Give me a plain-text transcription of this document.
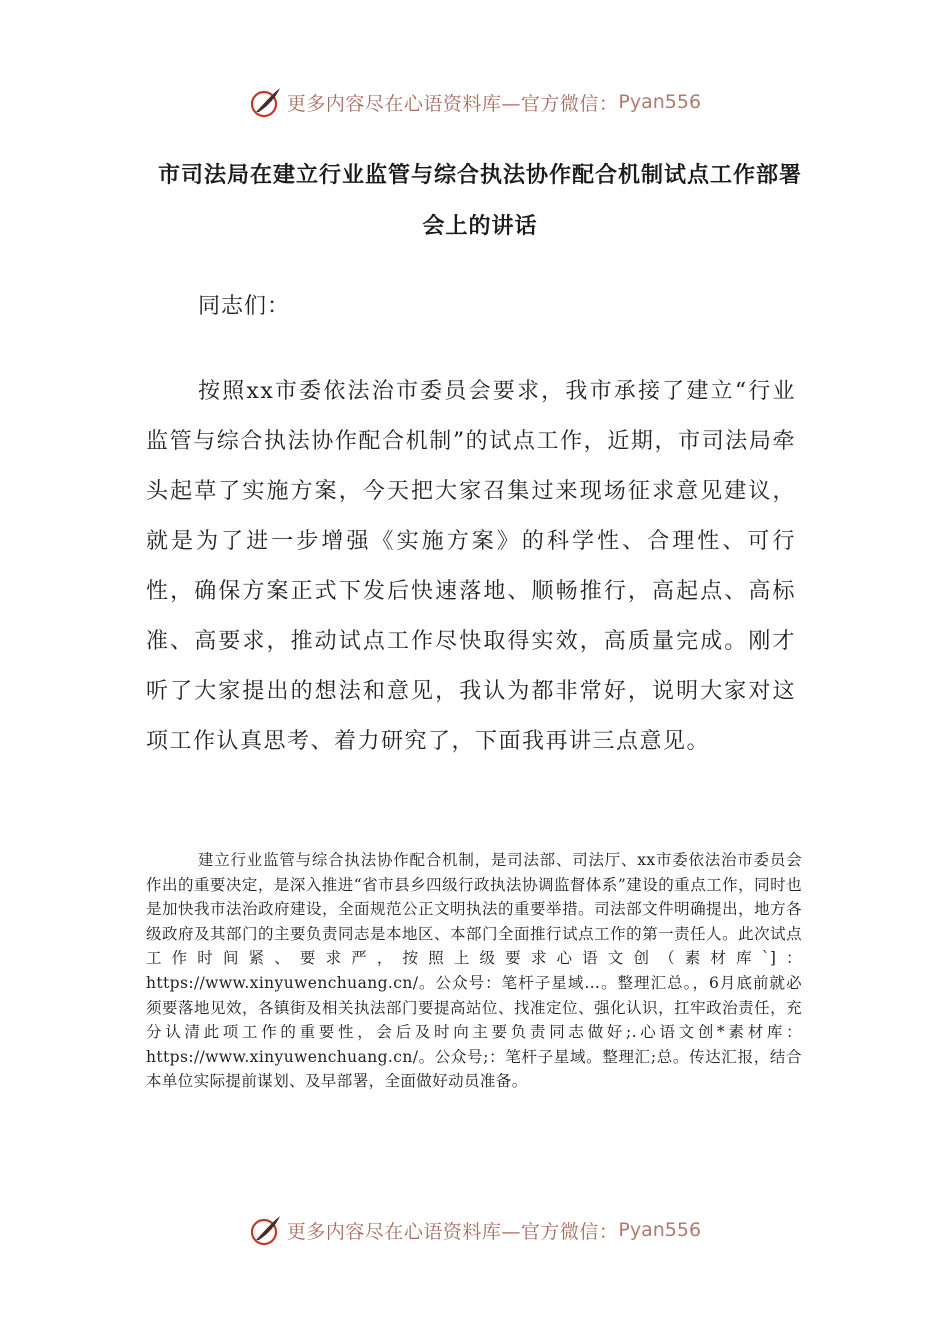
更多内容尽在心语资料库—官方微信： Pyan556
市司法局在建立行业监管与综合执法协作配合机制试点工作部署会上的讲话
同志们：

按照xx市委依法治市委员会要求，我市承接了建立“行业监管与综合执法协作配合机制”的试点工作，近期，市司法局牵头起草了实施方案，今天把大家召集过来现场征求意见建议，就是为了进一步增强《实施方案》的科学性、合理性、可行性，确保方案正式下发后快速落地、顺畅推行，高起点、高标准、高要求，推动试点工作尽快取得实效，高质量完成。刚才听了大家提出的想法和意见，我认为都非常好，说明大家对这项工作认真思考、着力研究了，下面我再讲三点意见。

建立行业监管与综合执法协作配合机制，是司法部、司法厅、xx市委依法治市委员会作出的重要决定，是深入推进“省市县乡四级行政执法协调监督体系”建设的重点工作，同时也是加快我市法治政府建设，全面规范公正文明执法的重要举措。司法部文件明确提出，地方各级政府及其部门的主要负责同志是本地区、本部门全面推行试点工作的第一责任人。此次试点工作时间紧、要求严，按照上级要求心语文创（素材库`]：https://www.xinyuwenchuang.cn/。公众号：笔杆子星域…。整理汇总。，6月底前就必须要落地见效，各镇街及相关执法部门要提高站位、找准定位、强化认识，扛牢政治责任，充分认清此项工作的重要性，会后及时向主要负责同志做好;.心语文创*素材库：https://www.xinyuwenchuang.cn/。公众号;：笔杆子星域。整理汇;总。传达汇报，结合本单位实际提前谋划、及早部署，全面做好动员准备。

更多内容尽在心语资料库—官方微信： Pyan556
